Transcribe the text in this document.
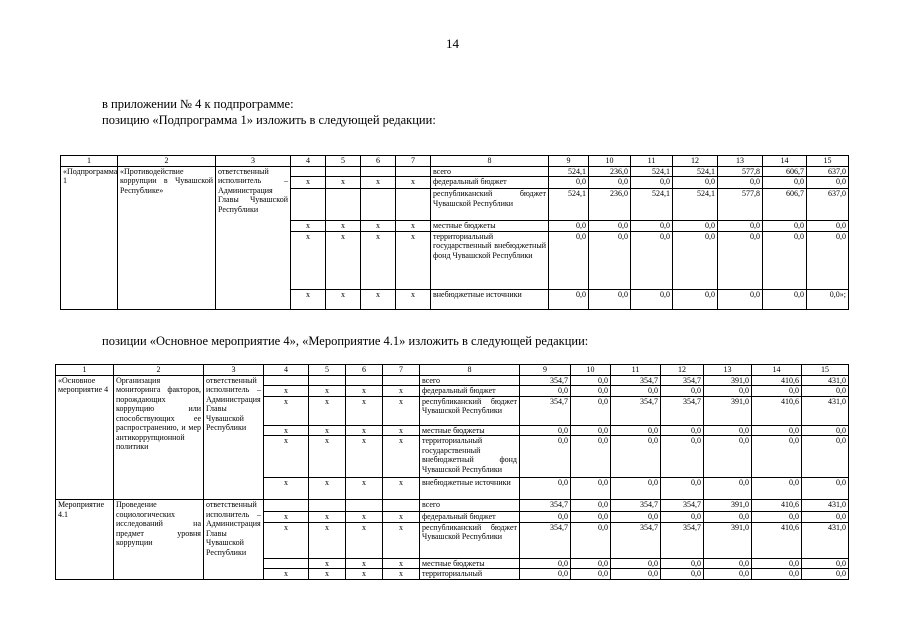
14
в приложении № 4 к подпрограмме:
позицию «Подпрограмма 1» изложить в следующей редакции:
1	2	3	4	5	6	7	8	9	10	11	12	13	14	15

«Подпрограмма 1	«Противодействие коррупции в Чувашской Республике»	ответственный исполнитель – Администрация Главы Чувашской Республики					всего	524,1	236,0	524,1	524,1	577,8	606,7	637,0
			x	x	x	x	федеральный бюджет	0,0	0,0	0,0	0,0	0,0	0,0	0,0
							республиканский бюджет Чувашской Республики	524,1	236,0	524,1	524,1	577,8	606,7	637,0
			x	x	x	x	местные бюджеты	0,0	0,0	0,0	0,0	0,0	0,0	0,0
			x	x	x	x	территориальный государственный внебюджетный фонд Чувашской Республики	0,0	0,0	0,0	0,0	0,0	0,0	0,0
			x	x	x	x	внебюджетные источники	0,0	0,0	0,0	0,0	0,0	0,0	0,0»;
позиции «Основное мероприятие 4», «Мероприятие 4.1» изложить в следующей редакции:
1	2	3	4	5	6	7	8	9	10	11	12	13	14	15

«Основное мероприятие 4	Организация мониторинга факторов, порождающих коррупцию или способствующих ее распространению, и мер антикоррупционной политики	ответственный исполнитель – Администрация Главы Чувашской Республики					всего	354,7	0,0	354,7	354,7	391,0	410,6	431,0
			x	x	x	x	федеральный бюджет	0,0	0,0	0,0	0,0	0,0	0,0	0,0
			x	x	x	x	республиканский бюджет Чувашской Республики	354,7	0,0	354,7	354,7	391,0	410,6	431,0
			x	x	x	x	местные бюджеты	0,0	0,0	0,0	0,0	0,0	0,0	0,0
			x	x	x	x	территориальный государственный внебюджетный фонд Чувашской Республики	0,0	0,0	0,0	0,0	0,0	0,0	0,0
			x	x	x	x	внебюджетные источники	0,0	0,0	0,0	0,0	0,0	0,0	0,0

Мероприятие 4.1	Проведение социологических исследований на предмет уровня коррупции	ответственный исполнитель – Администрация Главы Чувашской Республики					всего	354,7	0,0	354,7	354,7	391,0	410,6	431,0
			x	x	x	x	федеральный бюджет	0,0	0,0	0,0	0,0	0,0	0,0	0,0
			x	x	x	x	республиканский бюджет Чувашской Республики	354,7	0,0	354,7	354,7	391,0	410,6	431,0
				x	x	x	местные бюджеты	0,0	0,0	0,0	0,0	0,0	0,0	0,0
			x	x	x	x	территориальный	0,0	0,0	0,0	0,0	0,0	0,0	0,0
